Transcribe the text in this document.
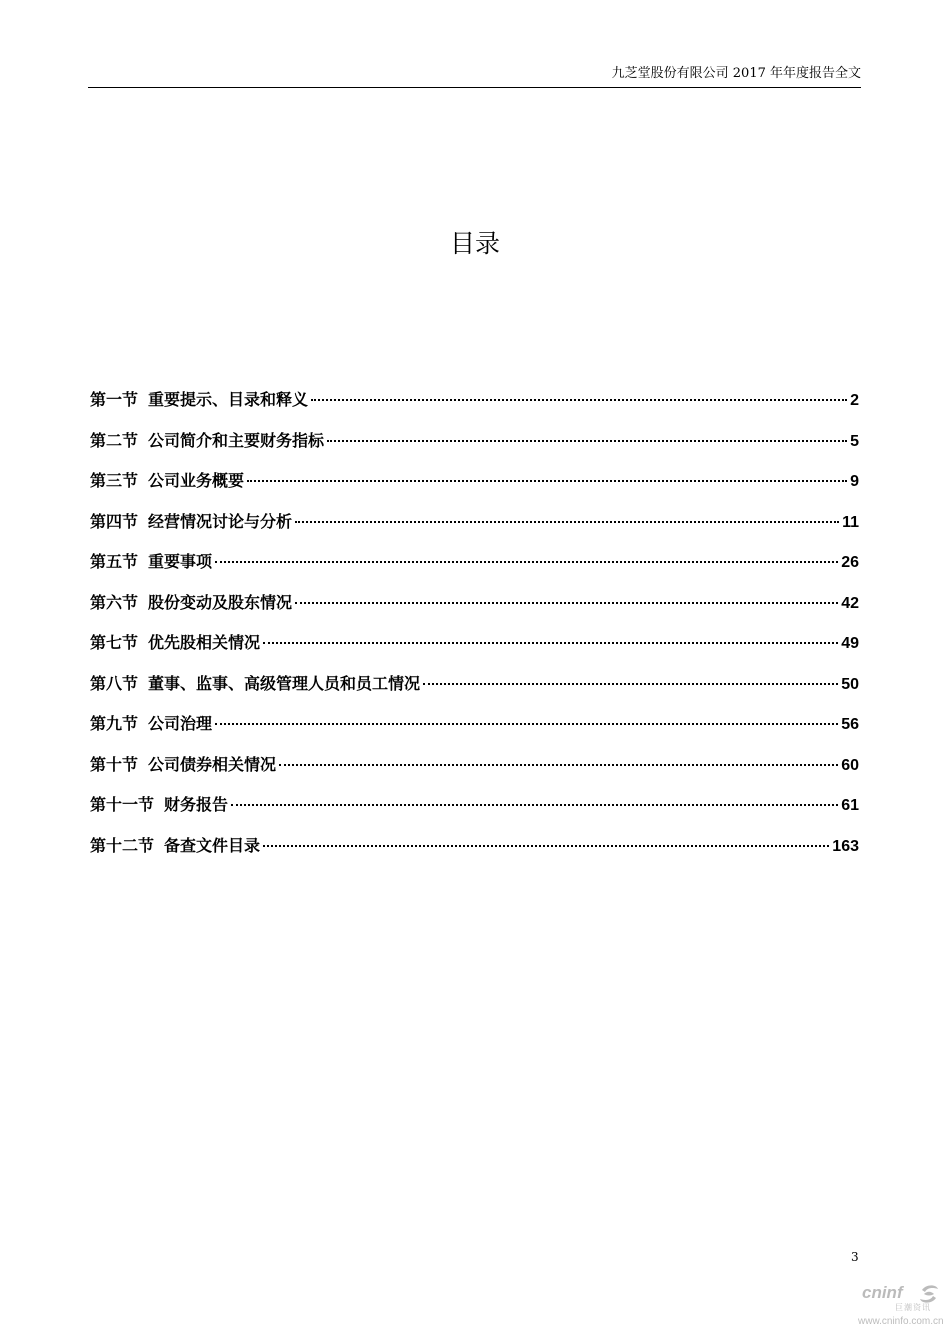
九芝堂股份有限公司 2017 年年度报告全文
目录
第一节 重要提示、目录和释义	2
第二节 公司简介和主要财务指标	5
第三节 公司业务概要	9
第四节 经营情况讨论与分析	11
第五节 重要事项	26
第六节 股份变动及股东情况	42
第七节 优先股相关情况	49
第八节 董事、监事、高级管理人员和员工情况	50
第九节 公司治理	56
第十节 公司债券相关情况	60
第十一节 财务报告	61
第十二节 备查文件目录	163
3
cninf
巨潮资讯
www.cninfo.com.cn
